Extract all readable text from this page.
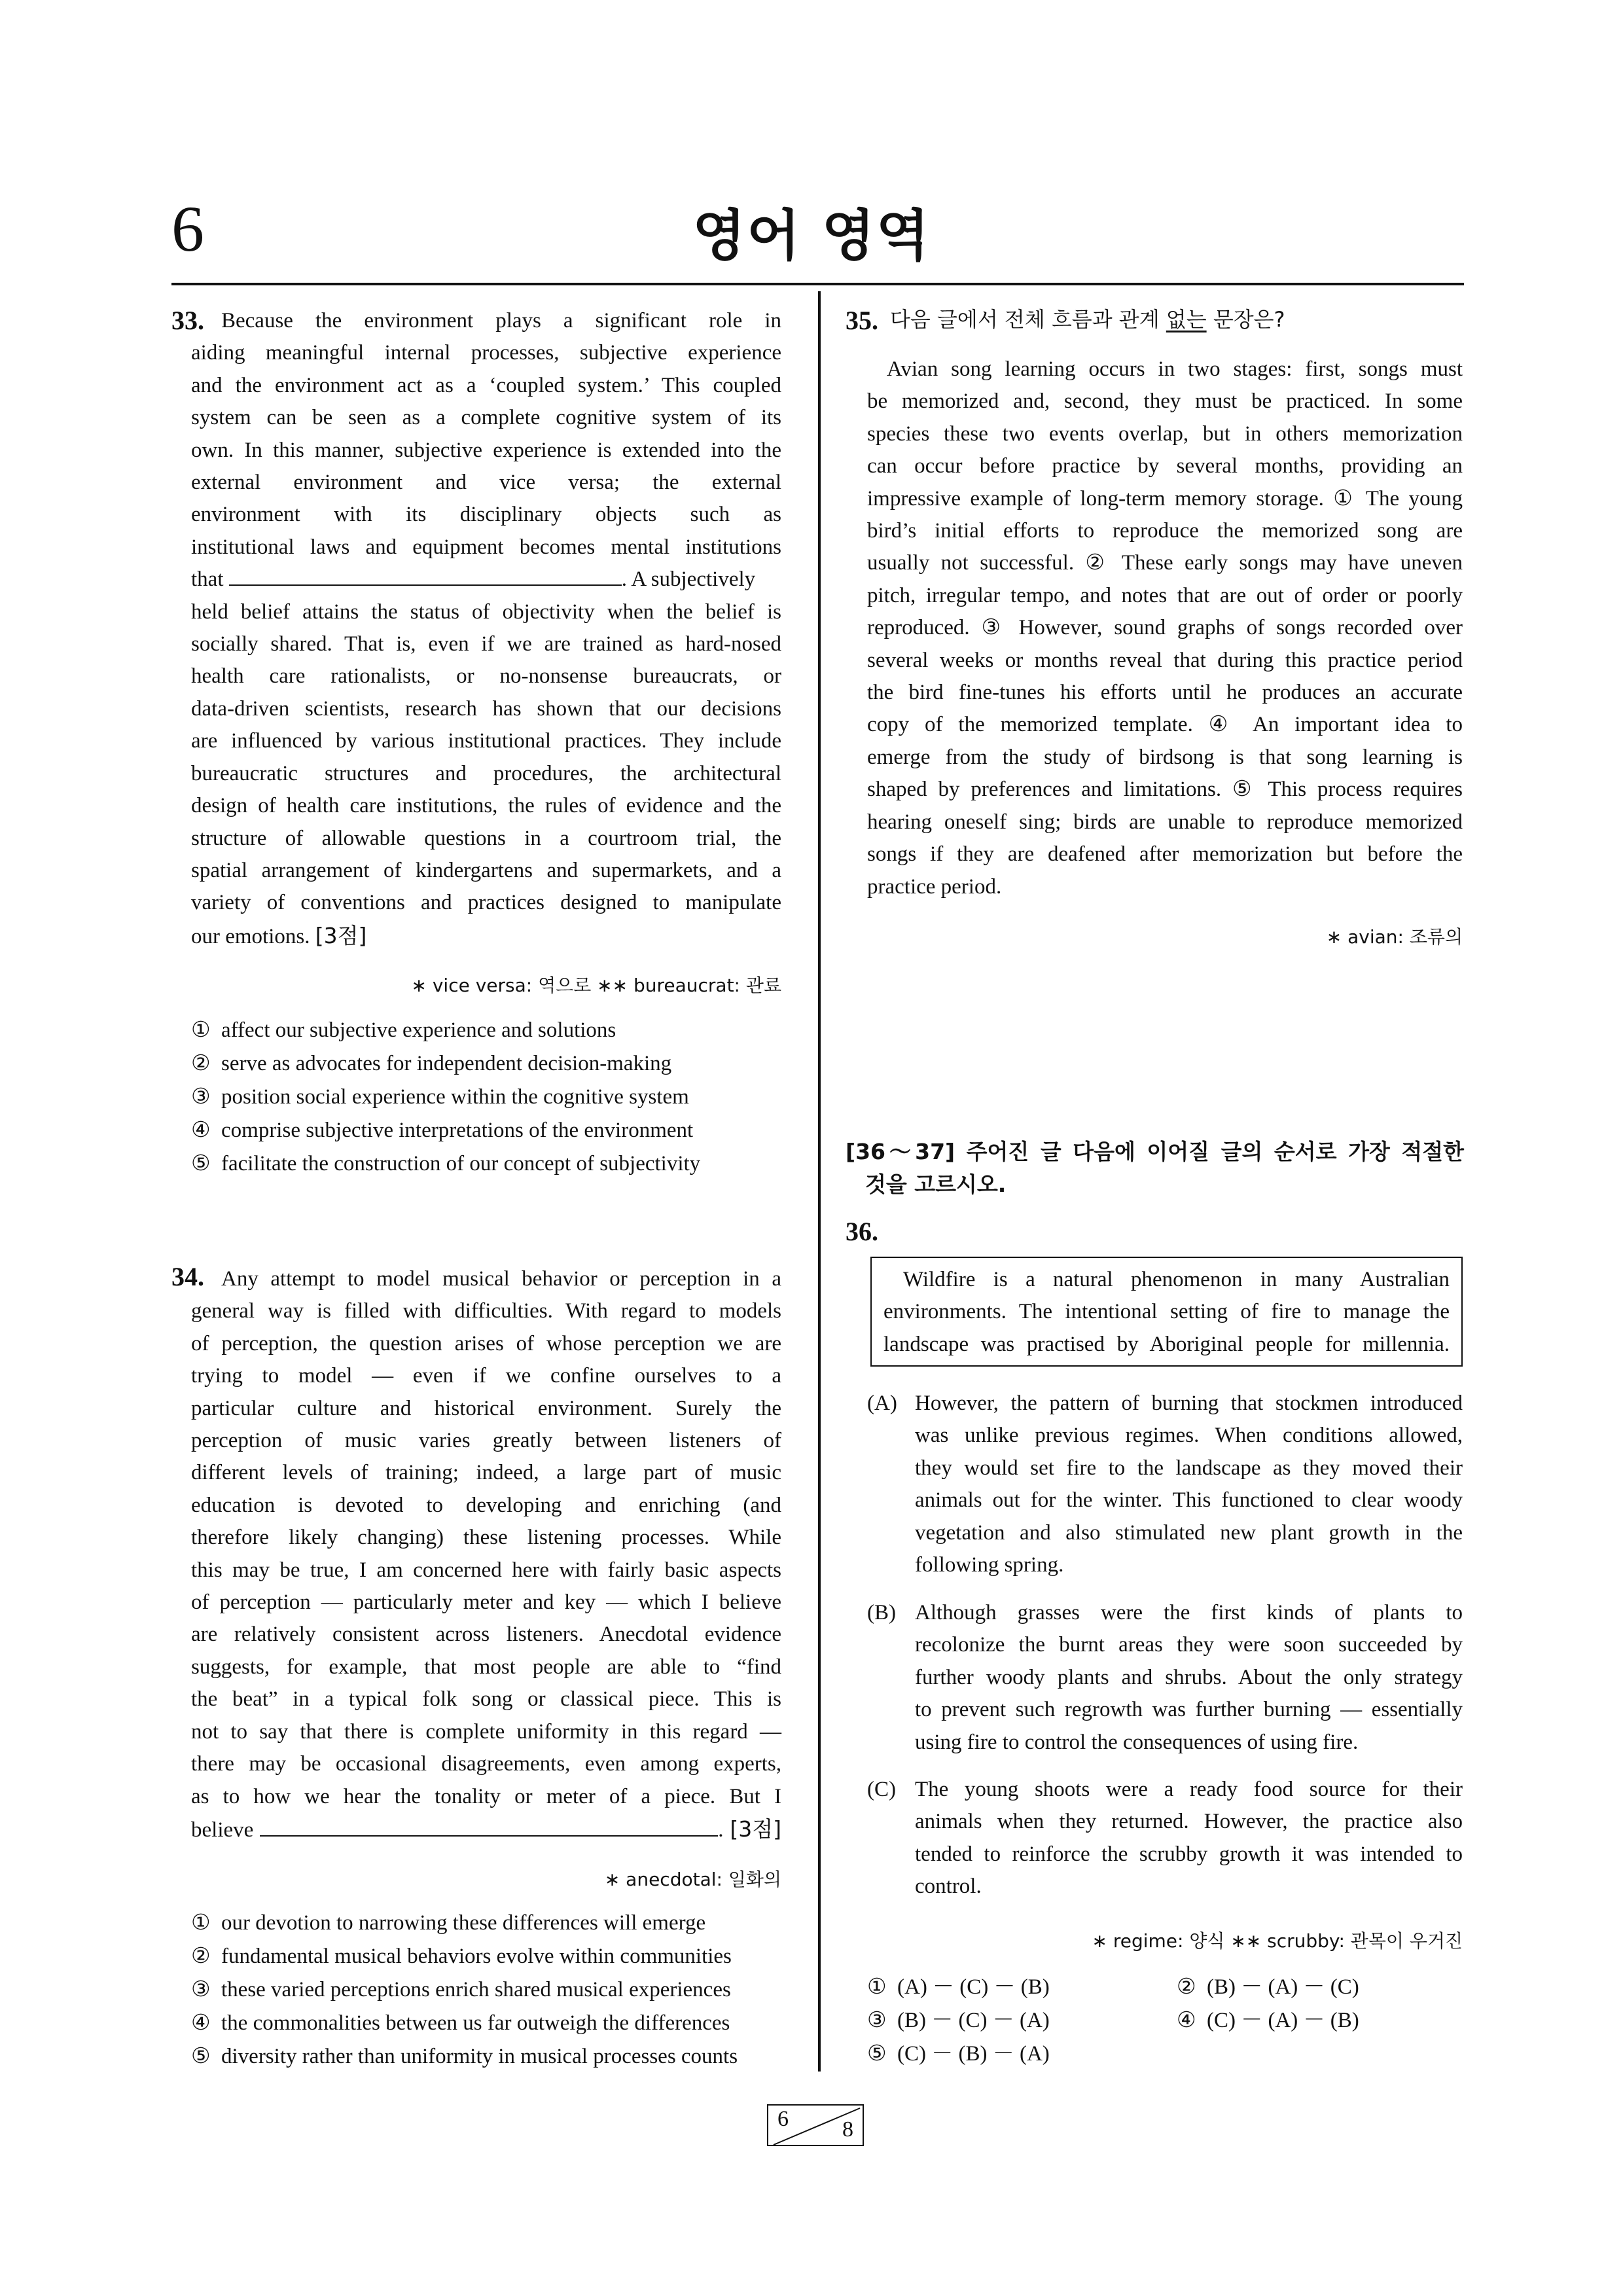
6	영어 영역
33. Because the environment plays a significant role in
aiding meaningful internal processes, subjective experience
and the environment act as a ‘coupled system.’ This coupled
system can be seen as a complete cognitive system of its
own. In this manner, subjective experience is extended into the
external environment and vice versa; the external
environment with its disciplinary objects such as
institutional laws and equipment becomes mental institutions
that	. A subjectively
held belief attains the status of objectivity when the belief is
socially shared. That is, even if we are trained as hard-nosed
health care rationalists, or no-nonsense bureaucrats, or
data-driven scientists, research has shown that our decisions
are influenced by various institutional practices. They include
bureaucratic structures and procedures, the architectural
design of health care institutions, the rules of evidence and the
structure of allowable questions in a courtroom trial, the
spatial arrangement of kindergartens and supermarkets, and a
variety of conventions and practices designed to manipulate
our emotions. [3점]
∗ vice versa: 역으로 ∗∗ bureaucrat: 관료
① affect our subjective experience and solutions
② serve as advocates for independent decision-making
③ position social experience within the cognitive system
④ comprise subjective interpretations of the environment
⑤ facilitate the construction of our concept of subjectivity
34. Any attempt to model musical behavior or perception in a
general way is filled with difficulties. With regard to models
of perception, the question arises of whose perception we are
trying to model — even if we confine ourselves to a
particular culture and historical environment. Surely the
perception of music varies greatly between listeners of
different levels of training; indeed, a large part of music
education is devoted to developing and enriching (and
therefore likely changing) these listening processes. While
this may be true, I am concerned here with fairly basic aspects
of perception — particularly meter and key — which I believe
are relatively consistent across listeners. Anecdotal evidence
suggests, for example, that most people are able to “find
the beat” in a typical folk song or classical piece. This is
not to say that there is complete uniformity in this regard —
there may be occasional disagreements, even among experts,
as to how we hear the tonality or meter of a piece. But I
believe	. [3점]
∗ anecdotal: 일화의
① our devotion to narrowing these differences will emerge
② fundamental musical behaviors evolve within communities
③ these varied perceptions enrich shared musical experiences
④ the commonalities between us far outweigh the differences
⑤ diversity rather than uniformity in musical processes counts
35. 다음 글에서 전체 흐름과 관계 없는 문장은?
Avian song learning occurs in two stages: first, songs must
be memorized and, second, they must be practiced. In some
species these two events overlap, but in others memorization
can occur before practice by several months, providing an
impressive example of long-term memory storage. ① The young
bird’s initial efforts to reproduce the memorized song are
usually not successful. ② These early songs may have uneven
pitch, irregular tempo, and notes that are out of order or poorly
reproduced. ③ However, sound graphs of songs recorded over
several weeks or months reveal that during this practice period
the bird fine-tunes his efforts until he produces an accurate
copy of the memorized template. ④ An important idea to
emerge from the study of birdsong is that song learning is
shaped by preferences and limitations. ⑤ This process requires
hearing oneself sing; birds are unable to reproduce memorized
songs if they are deafened after memorization but before the
practice period.
∗ avian: 조류의
[36～37] 주어진 글 다음에 이어질 글의 순서로 가장 적절한
것을 고르시오.
36.
Wildfire is a natural phenomenon in many Australian
environments. The intentional setting of fire to manage the
landscape was practised by Aboriginal people for millennia.
(A) However, the pattern of burning that stockmen introduced
was unlike previous regimes. When conditions allowed,
they would set fire to the landscape as they moved their
animals out for the winter. This functioned to clear woody
vegetation and also stimulated new plant growth in the
following spring.
(B) Although grasses were the first kinds of plants to
recolonize the burnt areas they were soon succeeded by
further woody plants and shrubs. About the only strategy
to prevent such regrowth was further burning — essentially
using fire to control the consequences of using fire.
(C) The young shoots were a ready food source for their
animals when they returned. However, the practice also
tended to reinforce the scrubby growth it was intended to
control.
∗ regime: 양식 ∗∗ scrubby: 관목이 우거진
① (A) － (C) － (B)	② (B) － (A) － (C)
③ (B) － (C) － (A)	④ (C) － (A) － (B)
⑤ (C) － (B) － (A)
6 8
